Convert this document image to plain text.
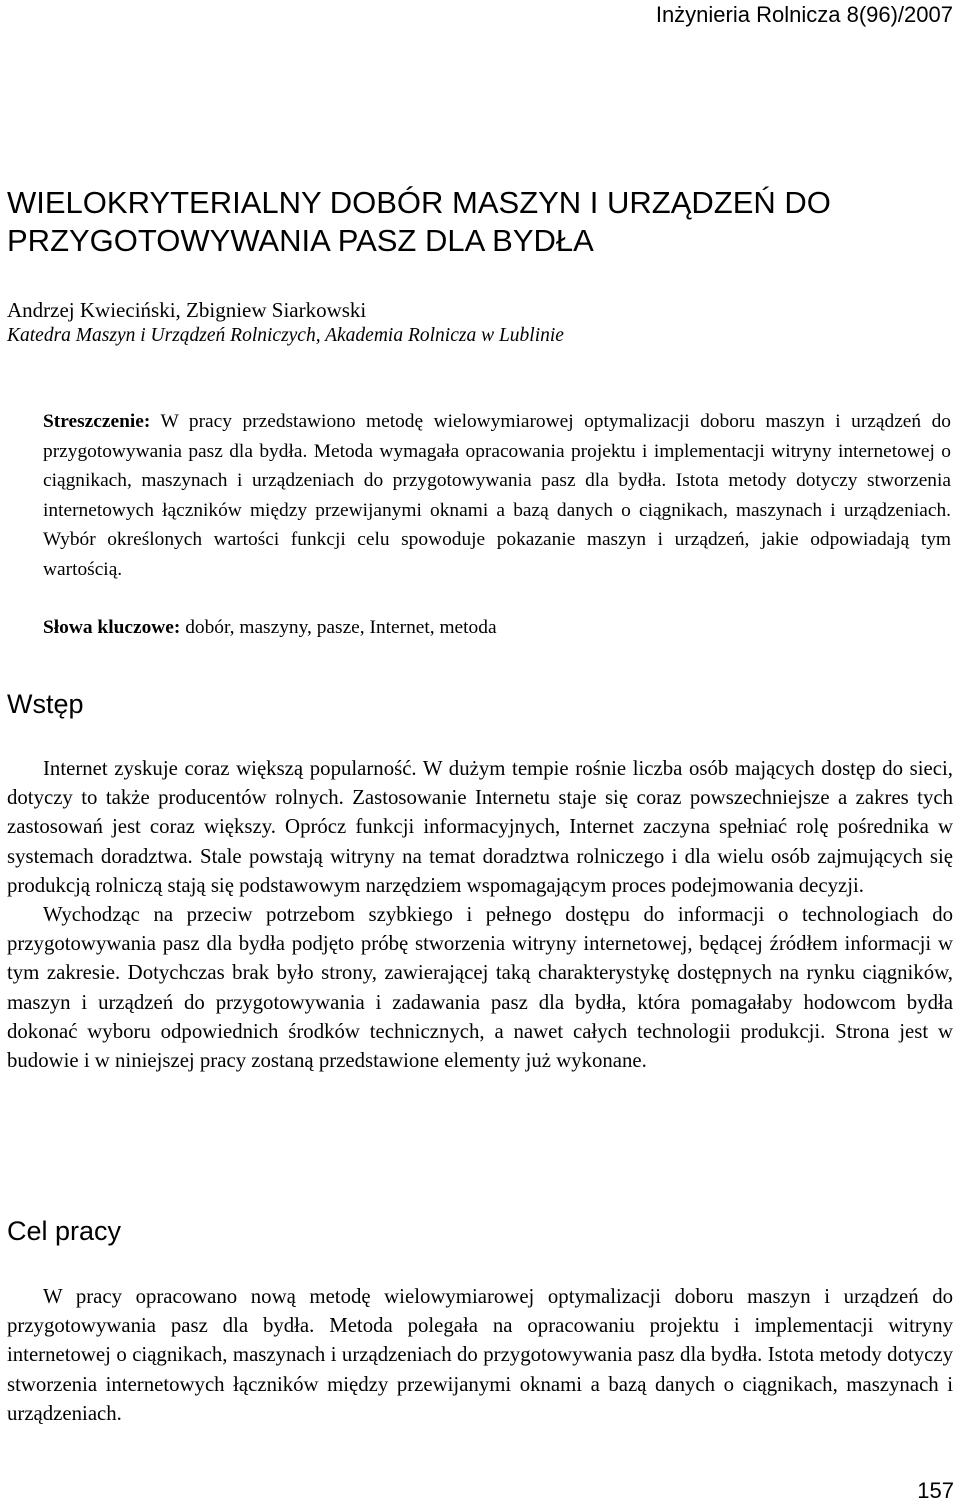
Inżynieria Rolnicza 8(96)/2007
WIELOKRYTERIALNY DOBÓR MASZYN I URZĄDZEŃ DO PRZYGOTOWYWANIA PASZ DLA BYDŁA
Andrzej Kwieciński, Zbigniew Siarkowski
Katedra Maszyn i Urządzeń Rolniczych, Akademia Rolnicza w Lublinie

Streszczenie: W pracy przedstawiono metodę wielowymiarowej optymalizacji doboru maszyn i urządzeń do przygotowywania pasz dla bydła. Metoda wymagała opracowania projektu i implementacji witryny internetowej o ciągnikach, maszynach i urządzeniach do przygotowywania pasz dla bydła. Istota metody dotyczy stworzenia internetowych łączników między przewijanymi oknami a bazą danych o ciągnikach, maszynach i urządzeniach. Wybór określonych wartości funkcji celu spowoduje pokazanie maszyn i urządzeń, jakie odpowiadają tym wartością.

Słowa kluczowe: dobór, maszyny, pasze, Internet, metoda

Wstęp

Internet zyskuje coraz większą popularność. W dużym tempie rośnie liczba osób mających dostęp do sieci, dotyczy to także producentów rolnych. Zastosowanie Internetu staje się coraz powszechniejsze a zakres tych zastosowań jest coraz większy. Oprócz funkcji informacyjnych, Internet zaczyna spełniać rolę pośrednika w systemach doradztwa. Stale powstają witryny na temat doradztwa rolniczego i dla wielu osób zajmujących się produkcją rolniczą stają się podstawowym narzędziem wspomagającym proces podejmowania decyzji.

Wychodząc na przeciw potrzebom szybkiego i pełnego dostępu do informacji o technologiach do przygotowywania pasz dla bydła podjęto próbę stworzenia witryny internetowej, będącej źródłem informacji w tym zakresie. Dotychczas brak było strony, zawierającej taką charakterystykę dostępnych na rynku ciągników, maszyn i urządzeń do przygotowywania i zadawania pasz dla bydła, która pomagałaby hodowcom bydła dokonać wyboru odpowiednich środków technicznych, a nawet całych technologii produkcji. Strona jest w budowie i w niniejszej pracy zostaną przedstawione elementy już wykonane.

Cel pracy

W pracy opracowano nową metodę wielowymiarowej optymalizacji doboru maszyn i urządzeń do przygotowywania pasz dla bydła. Metoda polegała na opracowaniu projektu i implementacji witryny internetowej o ciągnikach, maszynach i urządzeniach do przygotowywania pasz dla bydła. Istota metody dotyczy stworzenia internetowych łączników między przewijanymi oknami a bazą danych o ciągnikach, maszynach i urządzeniach.

157
